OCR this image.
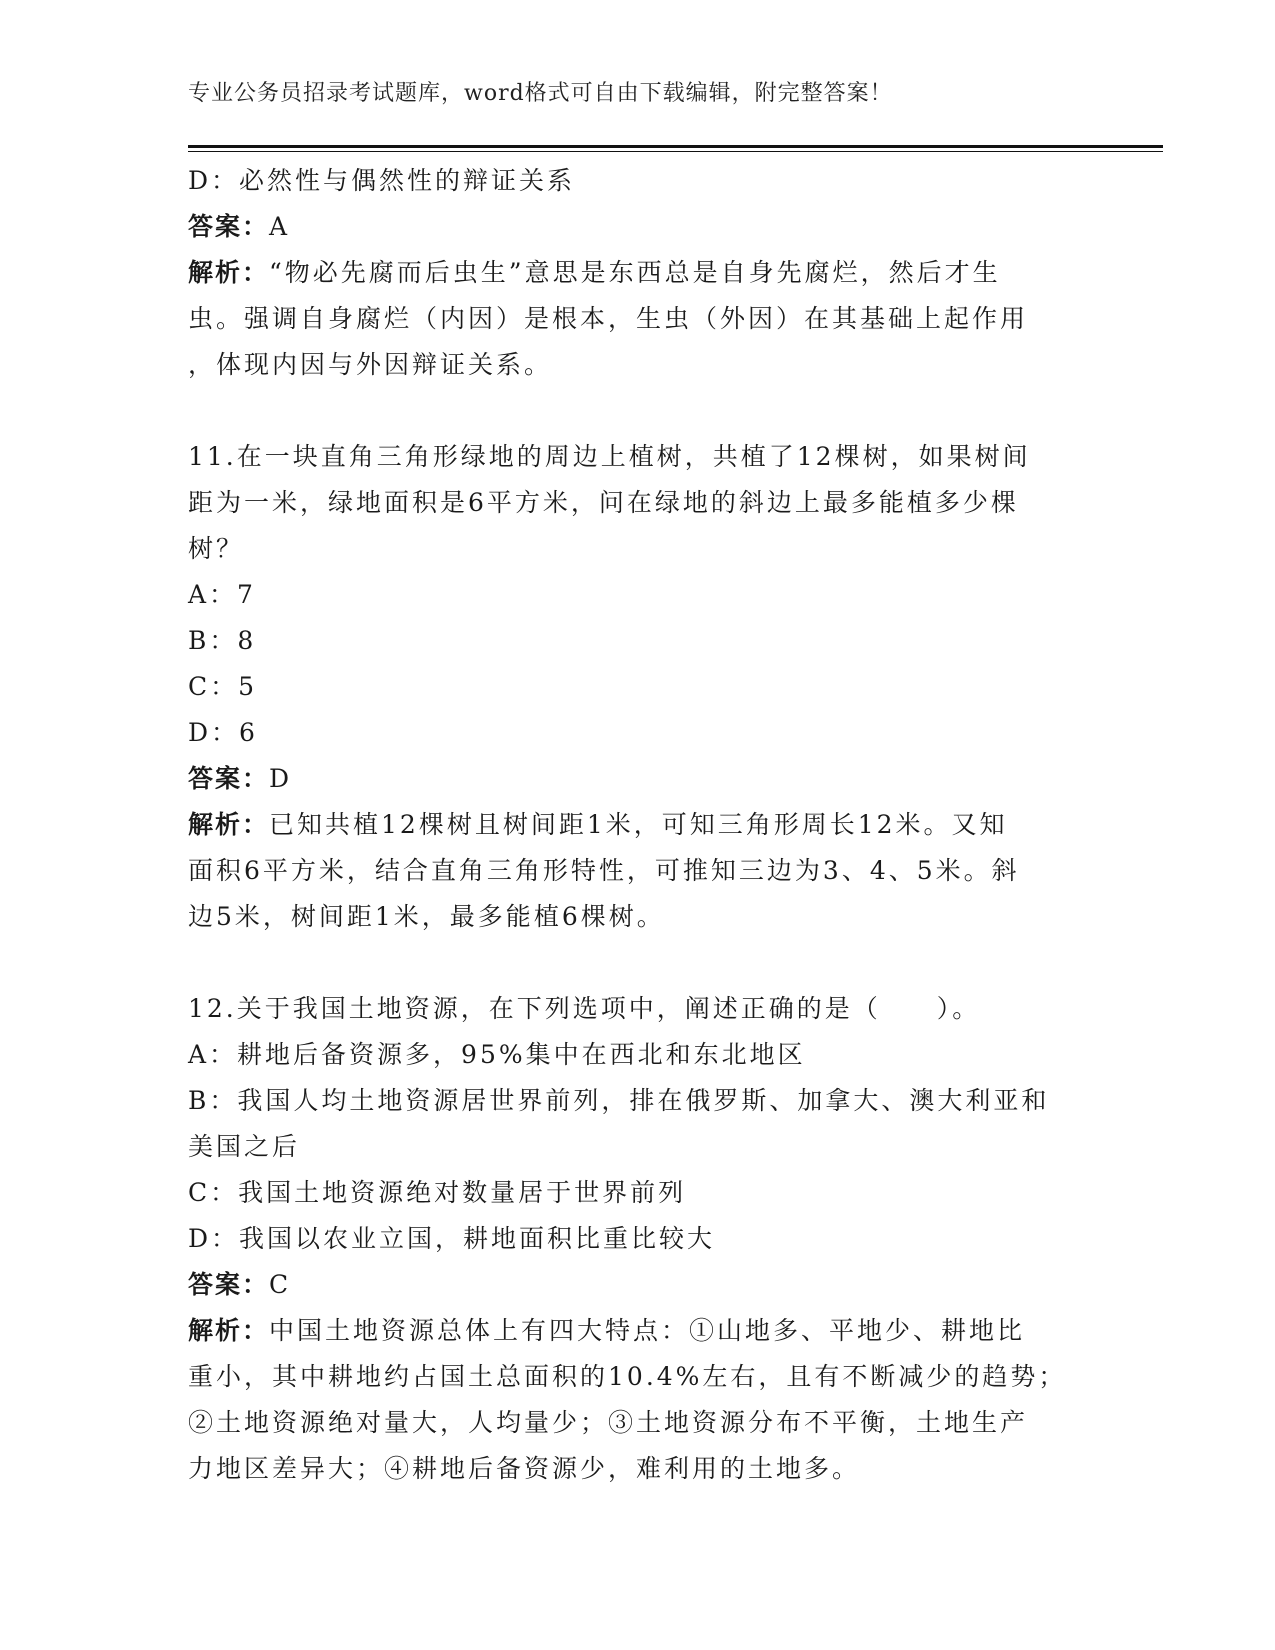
专业公务员招录考试题库，word格式可自由下载编辑，附完整答案！
D：必然性与偶然性的辩证关系
答案：A
解析：“物必先腐而后虫生”意思是东西总是自身先腐烂，然后才生
虫。强调自身腐烂（内因）是根本，生虫（外因）在其基础上起作用
，体现内因与外因辩证关系。
11.在一块直角三角形绿地的周边上植树，共植了12棵树，如果树间
距为一米，绿地面积是6平方米，问在绿地的斜边上最多能植多少棵
树？
A：7
B：8
C：5
D：6
答案：D
解析：已知共植12棵树且树间距1米，可知三角形周长12米。又知
面积6平方米，结合直角三角形特性，可推知三边为3、4、5米。斜
边5米，树间距1米，最多能植6棵树。
12.关于我国土地资源，在下列选项中，阐述正确的是（　　）。
A：耕地后备资源多，95%集中在西北和东北地区
B：我国人均土地资源居世界前列，排在俄罗斯、加拿大、澳大利亚和
美国之后
C：我国土地资源绝对数量居于世界前列
D：我国以农业立国，耕地面积比重比较大
答案：C
解析：中国土地资源总体上有四大特点：①山地多、平地少、耕地比
重小，其中耕地约占国土总面积的10.4%左右，且有不断减少的趋势；
②土地资源绝对量大，人均量少；③土地资源分布不平衡，土地生产
力地区差异大；④耕地后备资源少，难利用的土地多。
